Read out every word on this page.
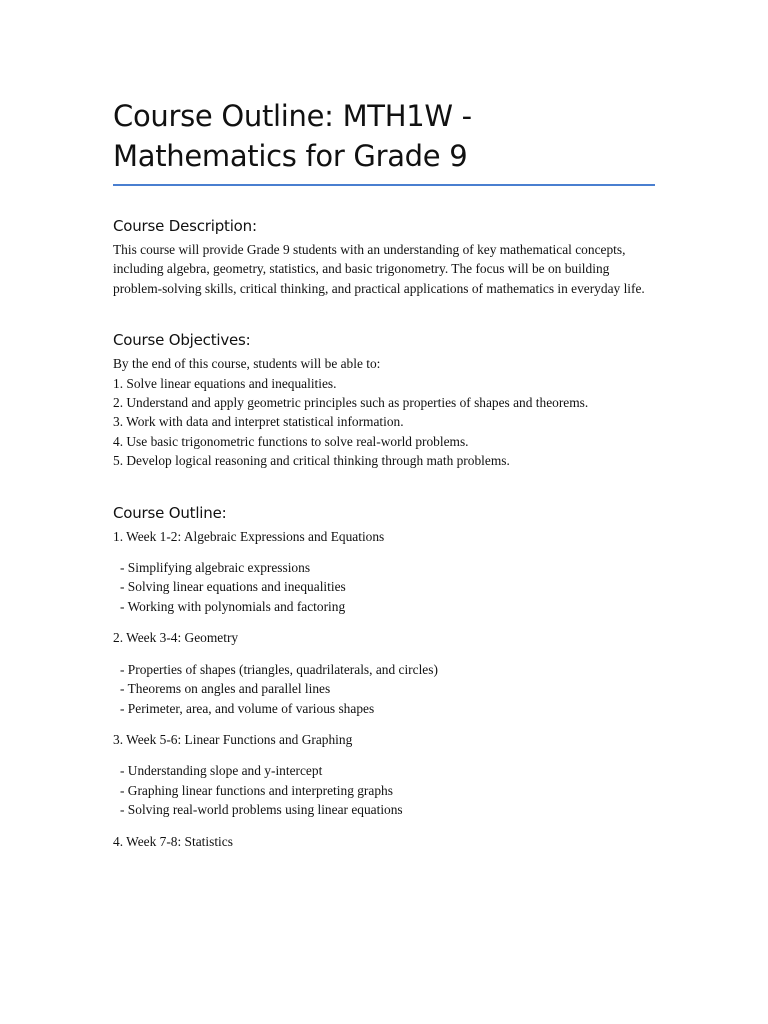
Course Outline: MTH1W - Mathematics for Grade 9
Course Description:

This course will provide Grade 9 students with an understanding of key mathematical concepts, including algebra, geometry, statistics, and basic trigonometry. The focus will be on building problem-solving skills, critical thinking, and practical applications of mathematics in everyday life.

Course Objectives:
By the end of this course, students will be able to:
1. Solve linear equations and inequalities.
2. Understand and apply geometric principles such as properties of shapes and theorems.
3. Work with data and interpret statistical information.
4. Use basic trigonometric functions to solve real-world problems.
5. Develop logical reasoning and critical thinking through math problems.
Course Outline:
1. Week 1-2: Algebraic Expressions and Equations
- Simplifying algebraic expressions
- Solving linear equations and inequalities
- Working with polynomials and factoring
2. Week 3-4: Geometry
- Properties of shapes (triangles, quadrilaterals, and circles)
- Theorems on angles and parallel lines
- Perimeter, area, and volume of various shapes
3. Week 5-6: Linear Functions and Graphing
- Understanding slope and y-intercept
- Graphing linear functions and interpreting graphs
- Solving real-world problems using linear equations
4. Week 7-8: Statistics
